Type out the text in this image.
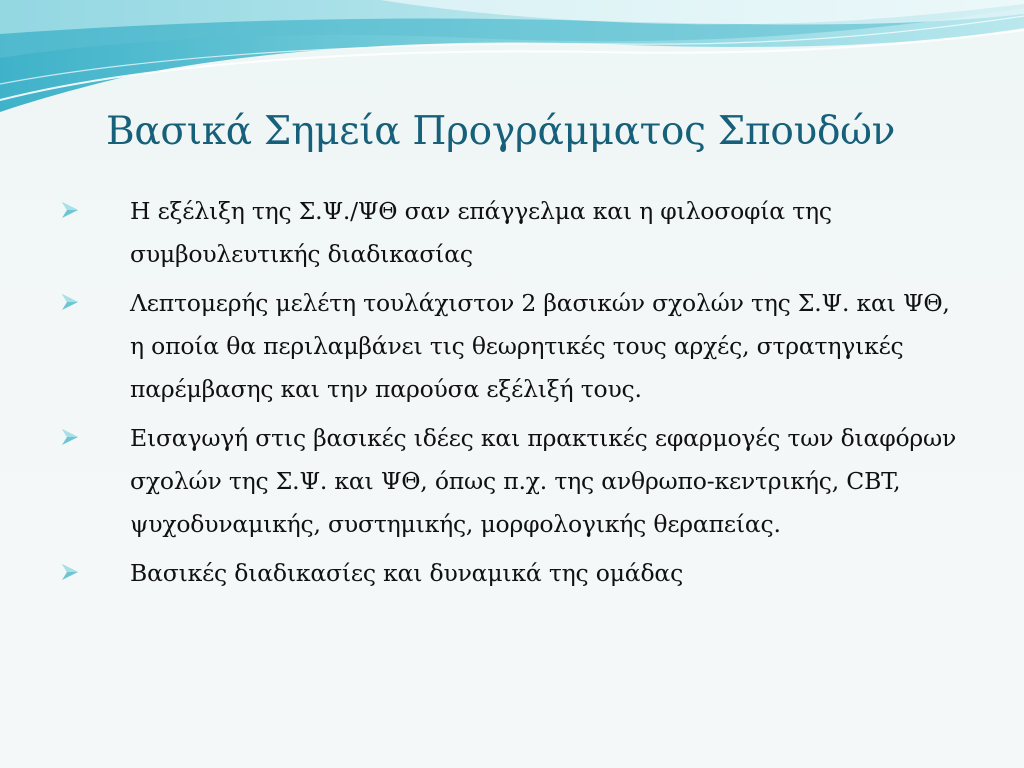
Βασικά Σημεία Προγράμματος Σπουδών
Η εξέλιξη της Σ.Ψ./ΨΘ σαν επάγγελμα και η φιλοσοφία της συμβουλευτικής διαδικασίας
Λεπτομερής μελέτη τουλάχιστον 2 βασικών σχολών της Σ.Ψ. και ΨΘ, η οποία θα περιλαμβάνει τις θεωρητικές τους αρχές, στρατηγικές παρέμβασης και την παρούσα εξέλιξή τους.
Εισαγωγή στις βασικές ιδέες και πρακτικές εφαρμογές των διαφόρων σχολών της Σ.Ψ. και ΨΘ, όπως π.χ. της ανθρωπο-κεντρικής, CBT, ψυχοδυναμικής, συστημικής, μορφολογικής θεραπείας.
Βασικές διαδικασίες και δυναμικά της ομάδας
